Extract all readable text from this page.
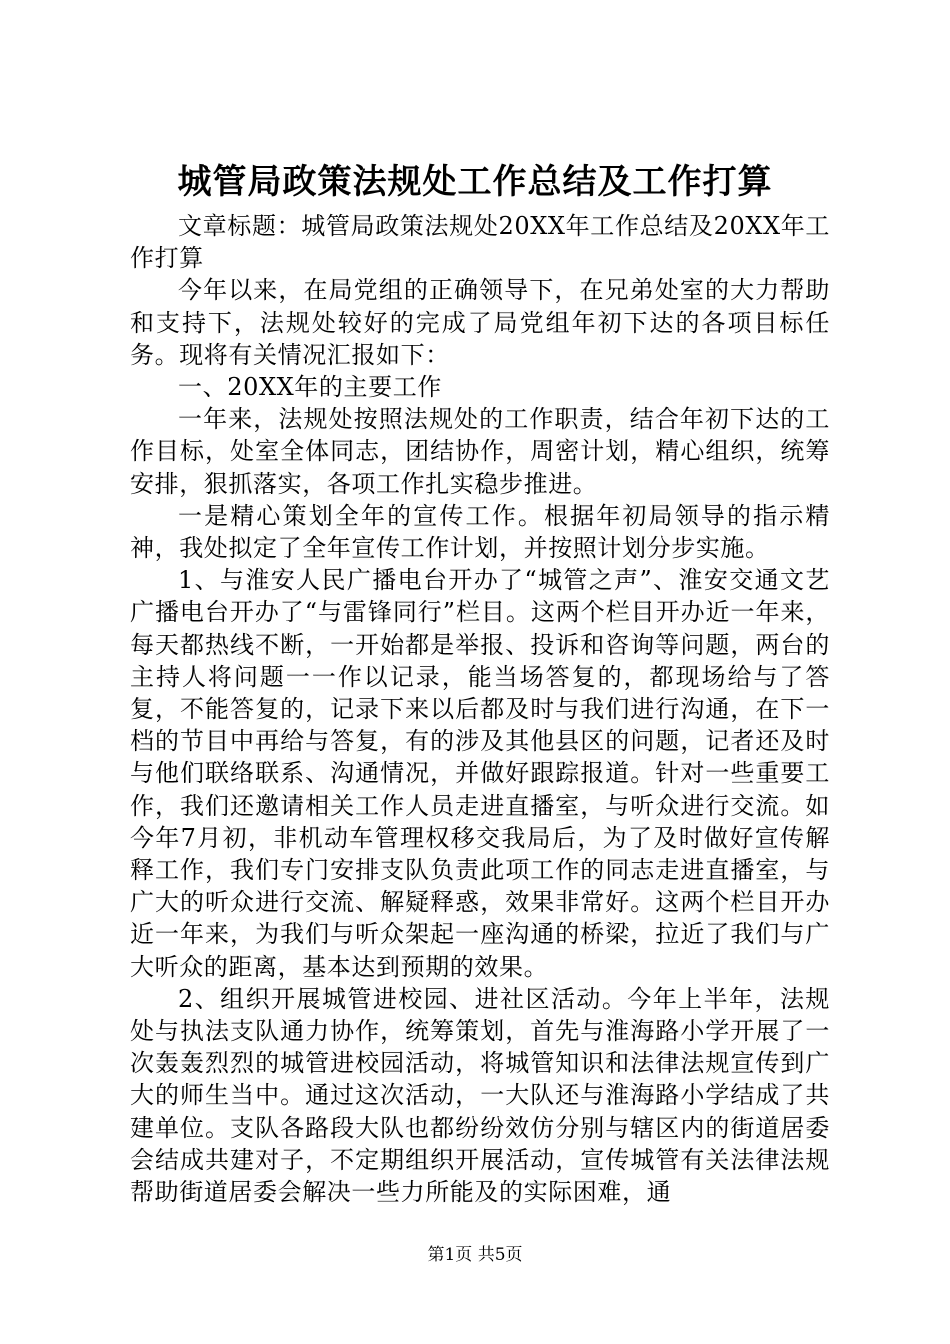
城管局政策法规处工作总结及工作打算

文章标题：城管局政策法规处20XX年工作总结及20XX年工作打算

今年以来，在局党组的正确领导下，在兄弟处室的大力帮助和支持下，法规处较好的完成了局党组年初下达的各项目标任务。现将有关情况汇报如下：

一、20XX年的主要工作

一年来，法规处按照法规处的工作职责，结合年初下达的工作目标，处室全体同志，团结协作，周密计划，精心组织，统筹安排，狠抓落实，各项工作扎实稳步推进。

一是精心策划全年的宣传工作。根据年初局领导的指示精神，我处拟定了全年宣传工作计划，并按照计划分步实施。

1、与淮安人民广播电台开办了“城管之声”、淮安交通文艺广播电台开办了“与雷锋同行”栏目。这两个栏目开办近一年来，每天都热线不断，一开始都是举报、投诉和咨询等问题，两台的主持人将问题一一作以记录，能当场答复的，都现场给与了答复，不能答复的，记录下来以后都及时与我们进行沟通，在下一档的节目中再给与答复，有的涉及其他县区的问题，记者还及时与他们联络联系、沟通情况，并做好跟踪报道。针对一些重要工作，我们还邀请相关工作人员走进直播室，与听众进行交流。如今年7月初，非机动车管理权移交我局后，为了及时做好宣传解释工作，我们专门安排支队负责此项工作的同志走进直播室，与广大的听众进行交流、解疑释惑，效果非常好。这两个栏目开办近一年来，为我们与听众架起一座沟通的桥梁，拉近了我们与广大听众的距离，基本达到预期的效果。

2、组织开展城管进校园、进社区活动。今年上半年，法规处与执法支队通力协作，统筹策划，首先与淮海路小学开展了一次轰轰烈烈的城管进校园活动，将城管知识和法律法规宣传到广大的师生当中。通过这次活动，一大队还与淮海路小学结成了共建单位。支队各路段大队也都纷纷效仿分别与辖区内的街道居委会结成共建对子，不定期组织开展活动，宣传城管有关法律法规帮助街道居委会解决一些力所能及的实际困难，通

第1页 共5页
